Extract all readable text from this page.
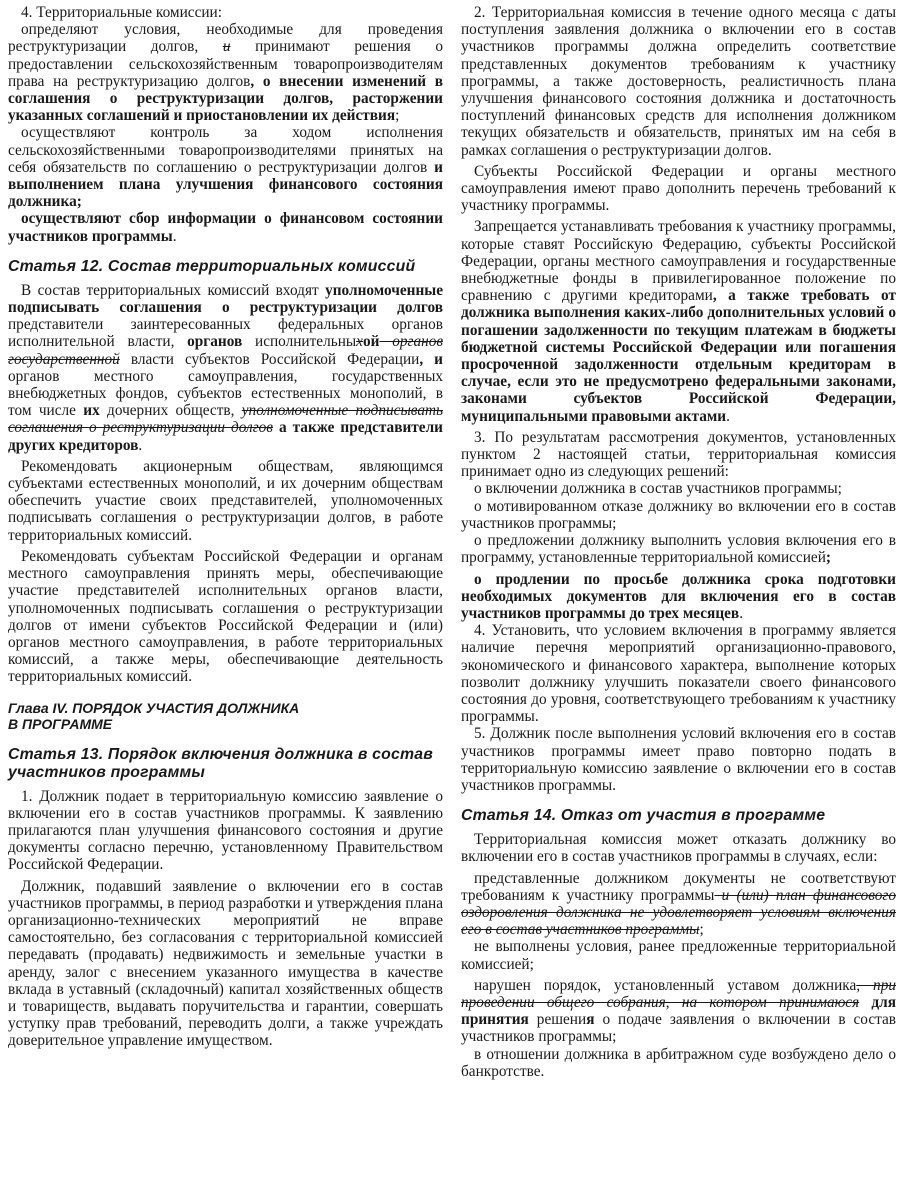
4. Территориальные комиссии:

определяют условия, необходимые для проведения реструктуризации долгов, и принимают решения о предоставлении сельскохозяйственным товаропроизводителям права на реструктуризацию долгов, о внесении изменений в соглашения о реструктуризации долгов, расторжении указанных соглашений и приостановлении их действия;

осуществляют контроль за ходом исполнения сельскохозяйственными товаропроизводителями принятых на себя обязательств по соглашению о реструктуризации долгов и выполнением плана улучшения финансового состояния должника;

осуществляют сбор информации о финансовом состоянии участников программы.

Статья 12. Состав территориальных комиссий

В состав территориальных комиссий входят уполномоченные подписывать соглашения о реструктуризации долгов представители заинтересованных федеральных органов исполнительной власти, органов исполнительныхой органов государственной власти субъектов Российской Федерации, и органов местного самоуправления, государственных внебюджетных фондов, субъектов естественных монополий, в том числе их дочерних обществ, уполномоченные подписывать соглашения о реструктуризации долгов а также представители других кредиторов.

Рекомендовать акционерным обществам, являющимся субъектами естественных монополий, и их дочерним обществам обеспечить участие своих представителей, уполномоченных подписывать соглашения о реструктуризации долгов, в работе территориальных комиссий.

Рекомендовать субъектам Российской Федерации и органам местного самоуправления принять меры, обеспечивающие участие представителей исполнительных органов власти, уполномоченных подписывать соглашения о реструктуризации долгов от имени субъектов Российской Федерации и (или) органов местного самоуправления, в работе территориальных комиссий, а также меры, обеспечивающие деятельность территориальных комиссий.

Глава IV. ПОРЯДОК УЧАСТИЯ ДОЛЖНИКА
В ПРОГРАММЕ
Статья 13. Порядок включения должника в состав
участников программы

1. Должник подает в территориальную комиссию заявление о включении его в состав участников программы. К заявлению прилагаются план улучшения финансового состояния и другие документы согласно перечню, установленному Правительством Российской Федерации.

Должник, подавший заявление о включении его в состав участников программы, в период разработки и утверждения плана организационно-технических мероприятий не вправе самостоятельно, без согласования с территориальной комиссией передавать (продавать) недвижимость и земельные участки в аренду, залог с внесением указанного имущества в качестве вклада в уставный (складочный) капитал хозяйственных обществ и товариществ, выдавать поручительства и гарантии, совершать уступку прав требований, переводить долги, а также учреждать доверительное управление имуществом.

2. Территориальная комиссия в течение одного месяца с даты поступления заявления должника о включении его в состав участников программы должна определить соответствие представленных документов требованиям к участнику программы, а также достоверность, реалистичность плана улучшения финансового состояния должника и достаточность поступлений финансовых средств для исполнения должником текущих обязательств и обязательств, принятых им на себя в рамках соглашения о реструктуризации долгов.

Субъекты Российской Федерации и органы местного самоуправления имеют право дополнить перечень требований к участнику программы.

Запрещается устанавливать требования к участнику программы, которые ставят Российскую Федерацию, субъекты Российской Федерации, органы местного самоуправления и государственные внебюджетные фонды в привилегированное положение по сравнению с другими кредиторами, а также требовать от должника выполнения каких-либо дополнительных условий о погашении задолженности по текущим платежам в бюджеты бюджетной системы Российской Федерации или погашения просроченной задолженности отдельным кредиторам в случае, если это не предусмотрено федеральными законами, законами субъектов Российской Федерации, муниципальными правовыми актами.

3. По результатам рассмотрения документов, установленных пунктом 2 настоящей статьи, территориальная комиссия принимает одно из следующих решений:

о включении должника в состав участников программы;

о мотивированном отказе должнику во включении его в состав участников программы;

о предложении должнику выполнить условия включения его в программу, установленные территориальной комиссией;

о продлении по просьбе должника срока подготовки необходимых документов для включения его в состав участников программы до трех месяцев.

4. Установить, что условием включения в программу является наличие перечня мероприятий организационно-правового, экономического и финансового характера, выполнение которых позволит должнику улучшить показатели своего финансового состояния до уровня, соответствующего требованиям к участнику программы.

5. Должник после выполнения условий включения его в состав участников программы имеет право повторно подать в территориальную комиссию заявление о включении его в состав участников программы.

Статья 14. Отказ от участия в программе

Территориальная комиссия может отказать должнику во включении его в состав участников программы в случаях, если:

представленные должником документы не соответствуют требованиям к участнику программы и (или) план финансового оздоровления должника не удовлетворяет условиям включения его в состав участников программы;

не выполнены условия, ранее предложенные территориальной комиссией;

нарушен порядок, установленный уставом должника, при проведении общего собрания, на котором принимаюся для принятия решения о подаче заявления о включении в состав участников программы;

в отношении должника в арбитражном суде возбуждено дело о банкротстве.
